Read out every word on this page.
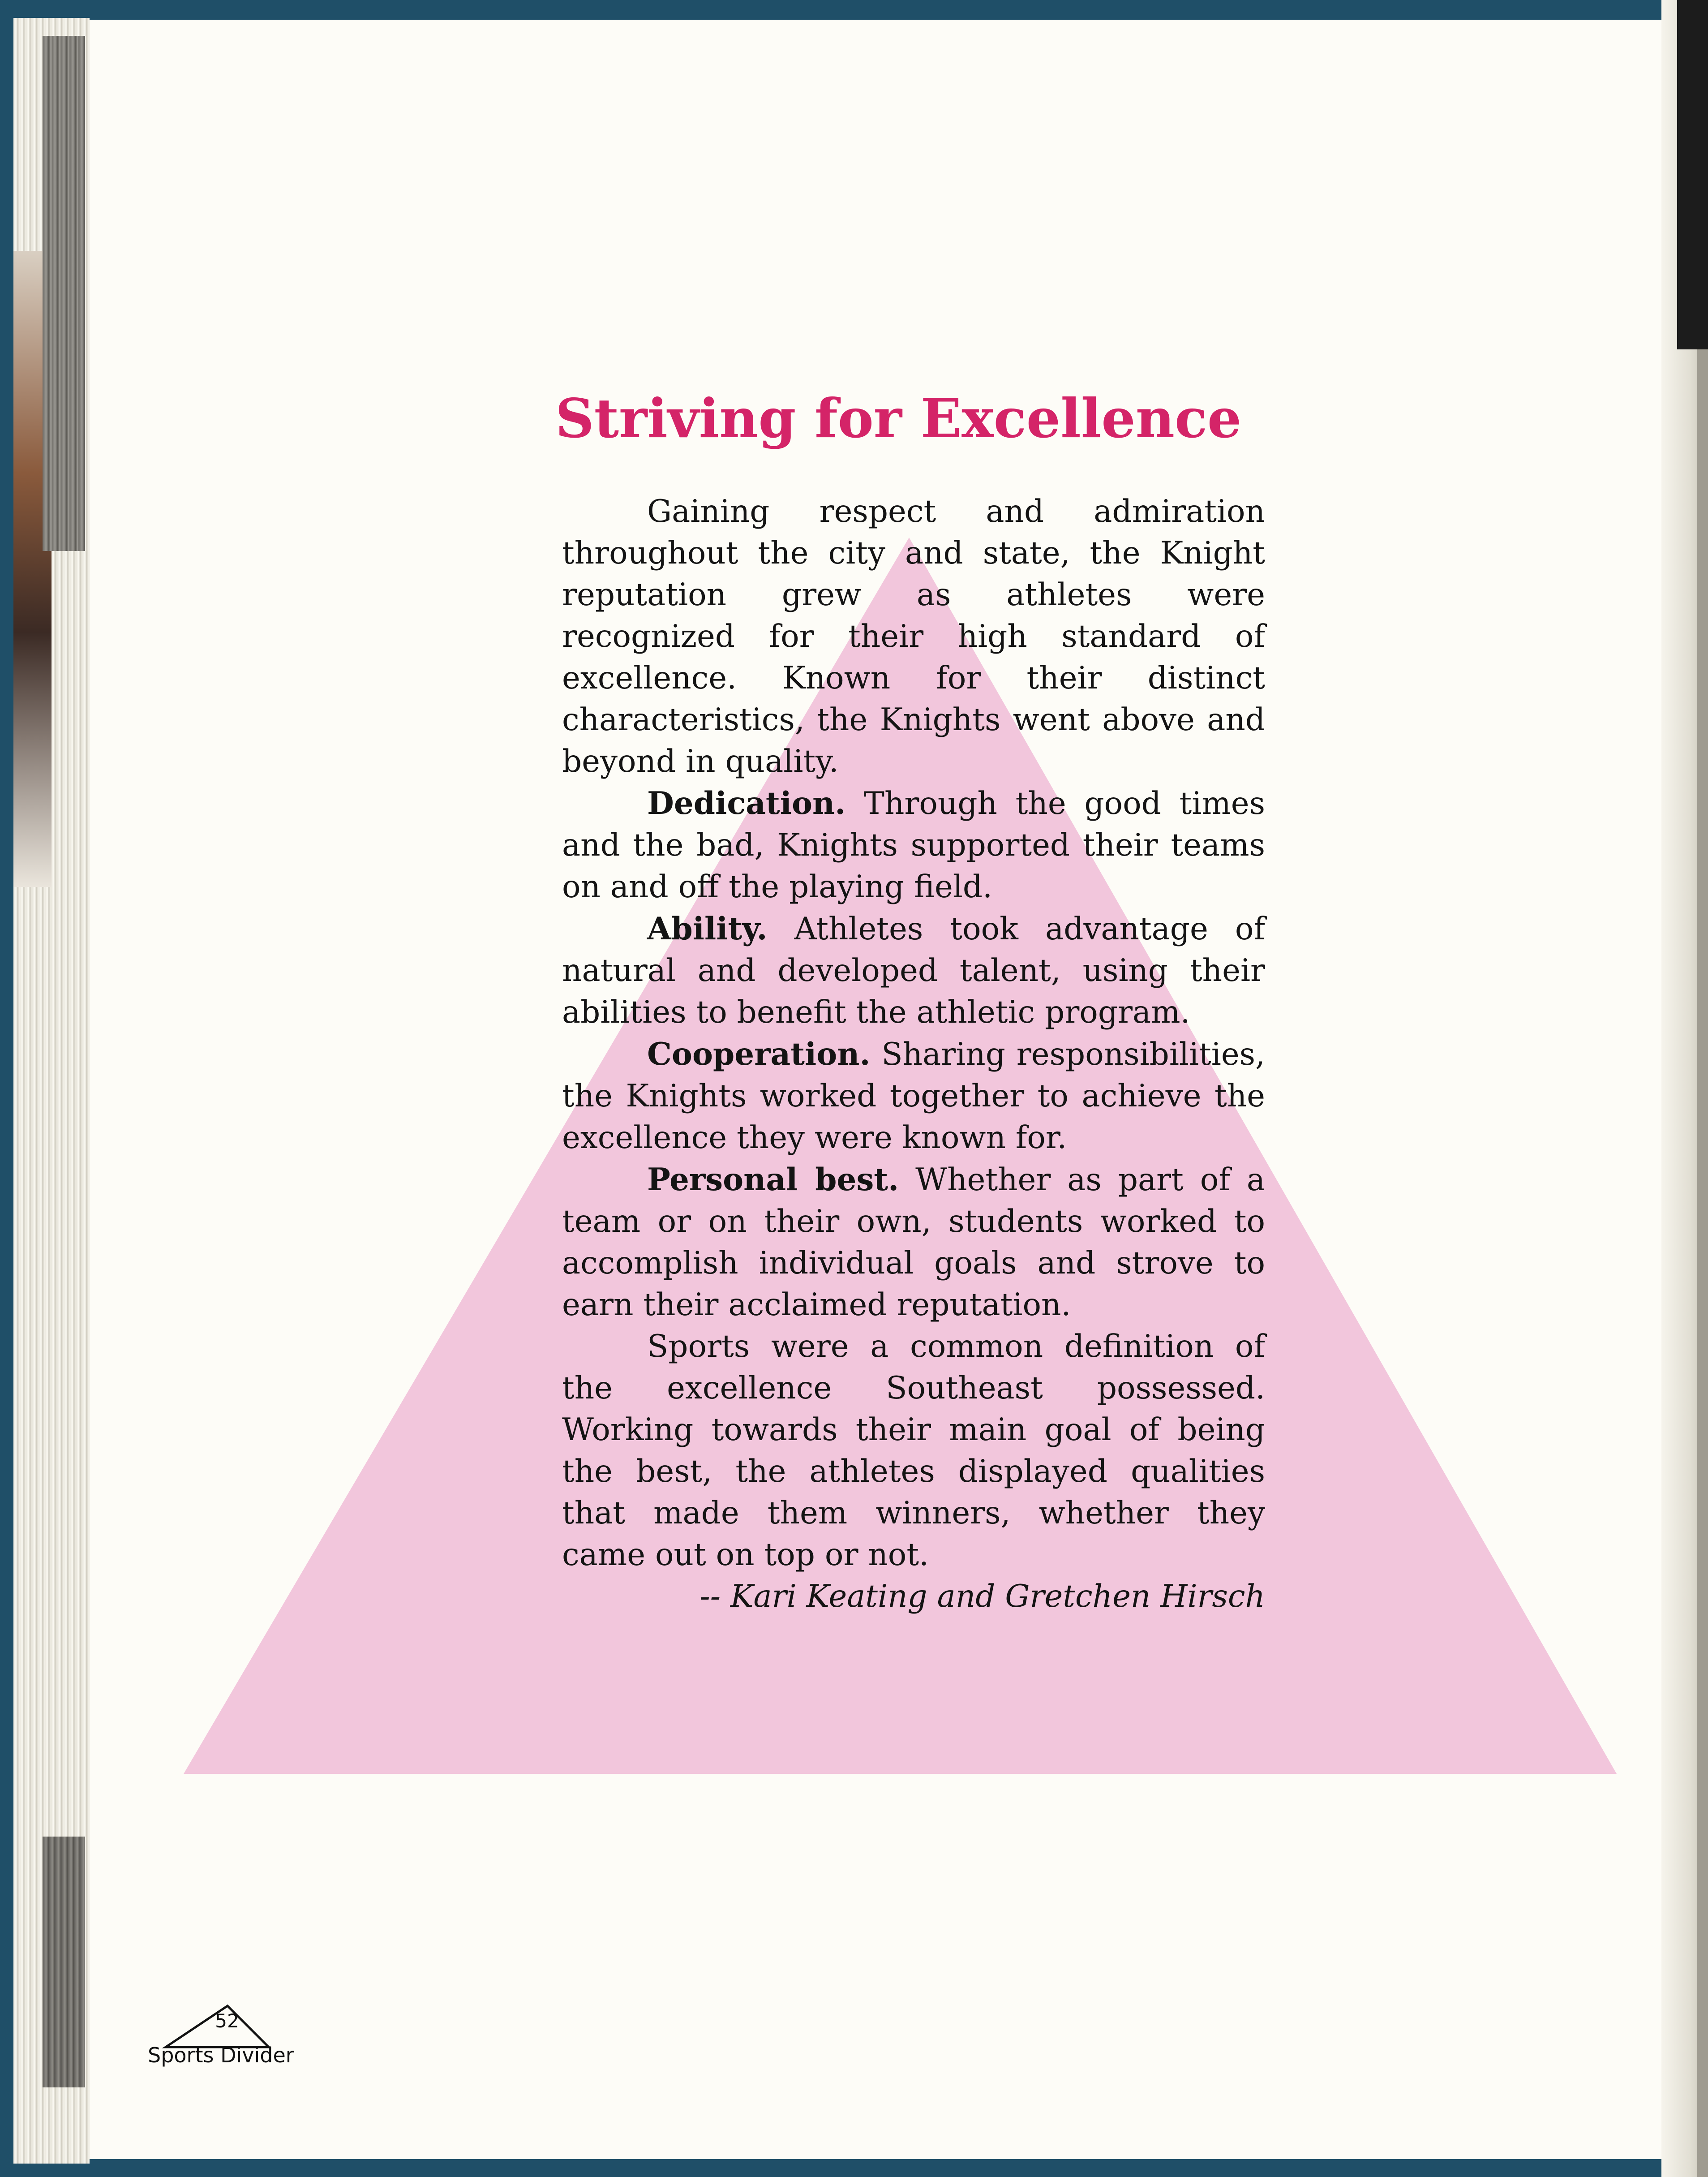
Striving for Excellence

Gaining respect and admiration throughout the city and state, the Knight reputation grew as athletes were recognized for their high standard of excellence. Known for their distinct characteristics, the Knights went above and beyond in quality.

Dedication. Through the good times and the bad, Knights supported their teams on and off the playing field.

Ability. Athletes took advantage of natural and developed talent, using their abilities to benefit the athletic program.

Cooperation. Sharing responsibilities, the Knights worked together to achieve the excellence they were known for.

Personal best. Whether as part of a team or on their own, students worked to accomplish individual goals and strove to earn their acclaimed reputation.

Sports were a common definition of the excellence Southeast possessed. Working towards their main goal of being the best, the athletes displayed qualities that made them winners, whether they came out on top or not.

-- Kari Keating and Gretchen Hirsch

52
Sports Divider
